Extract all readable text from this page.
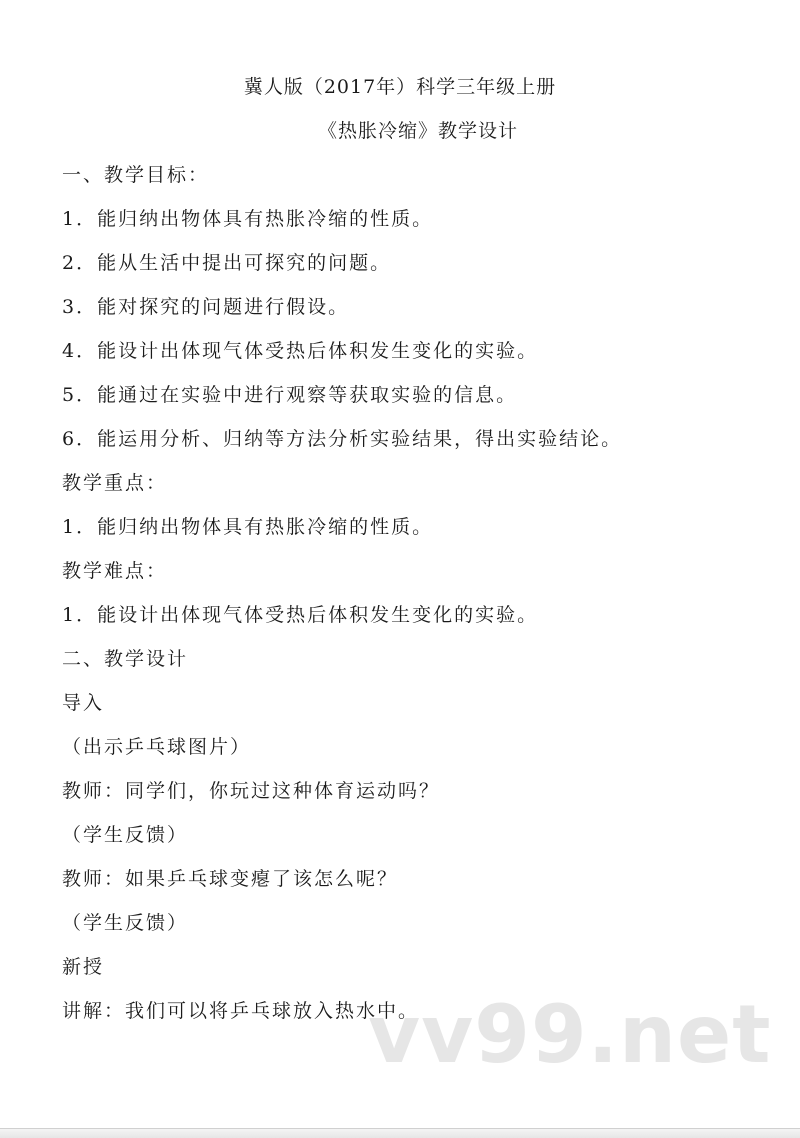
冀人版（2017年）科学三年级上册
《热胀冷缩》教学设计
一、教学目标：
1．能归纳出物体具有热胀冷缩的性质。
2．能从生活中提出可探究的问题。
3．能对探究的问题进行假设。
4．能设计出体现气体受热后体积发生变化的实验。
5．能通过在实验中进行观察等获取实验的信息。
6．能运用分析、归纳等方法分析实验结果，得出实验结论。
教学重点：
1．能归纳出物体具有热胀冷缩的性质。
教学难点：
1．能设计出体现气体受热后体积发生变化的实验。
二、教学设计
导入
（出示乒乓球图片）
教师：同学们，你玩过这种体育运动吗？
（学生反馈）
教师：如果乒乓球变瘪了该怎么呢？
（学生反馈）
新授
讲解：我们可以将乒乓球放入热水中。
vv99.net
